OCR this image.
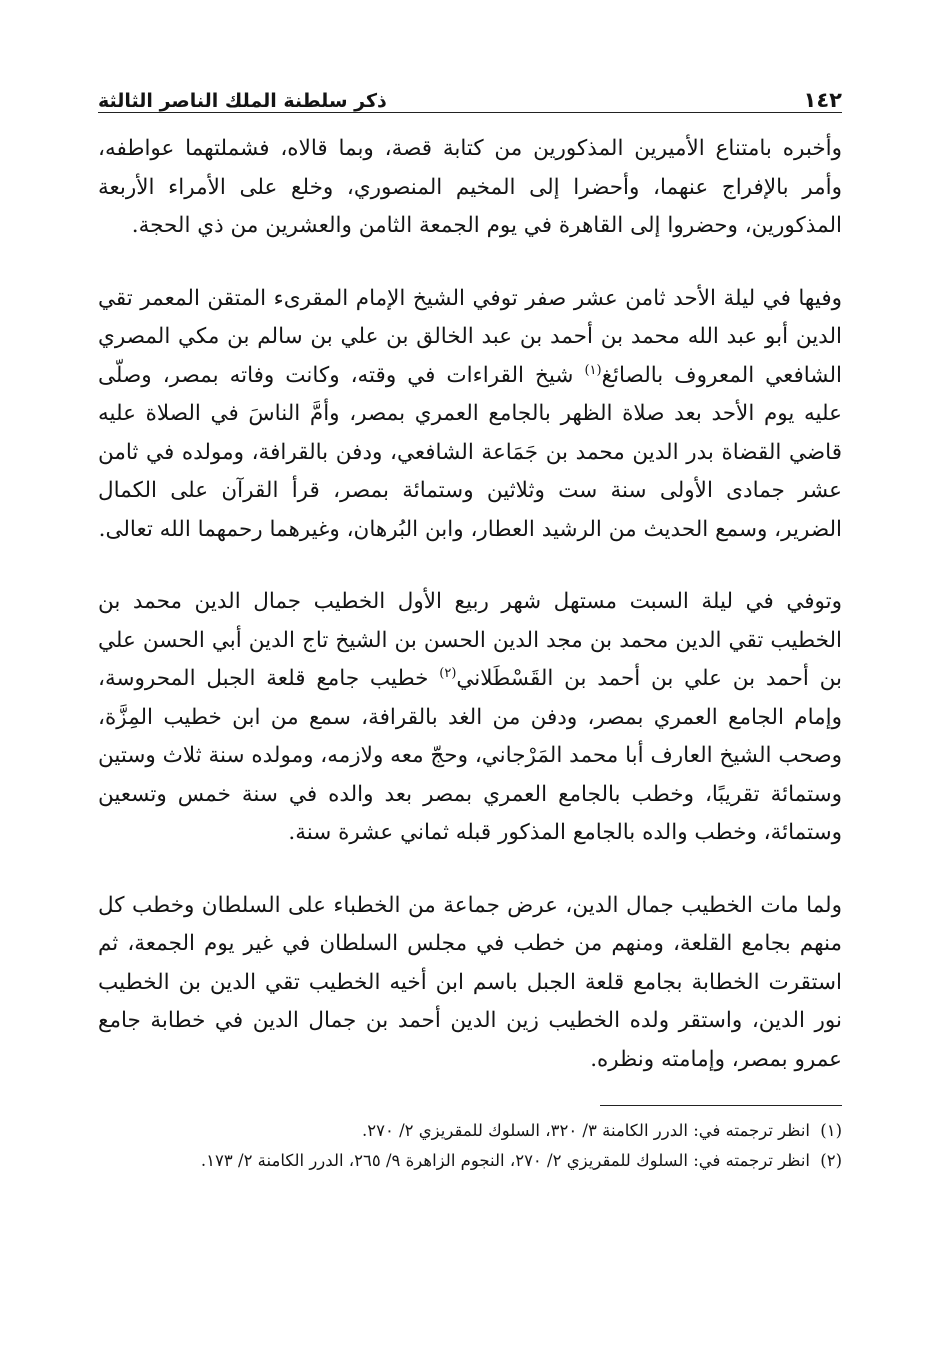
١٤٢
ذكر سلطنة الملك الناصر الثالثة

وأخبره بامتناع الأميرين المذكورين من كتابة قصة، وبما قالاه، فشملتهما عواطفه، وأمر بالإفراج عنهما، وأحضرا إلى المخيم المنصوري، وخلع على الأمراء الأربعة المذكورين، وحضروا إلى القاهرة في يوم الجمعة الثامن والعشرين من ذي الحجة.

وفيها في ليلة الأحد ثامن عشر صفر توفي الشيخ الإمام المقرىء المتقن المعمر تقي الدين أبو عبد الله محمد بن أحمد بن عبد الخالق بن علي بن سالم بن مكي المصري الشافعي المعروف بالصائغ$^{(١)}$ شيخ القراءات في وقته، وكانت وفاته بمصر، وصلّى عليه يوم الأحد بعد صلاة الظهر بالجامع العمري بمصر، وأمَّ الناسَ في الصلاة عليه قاضي القضاة بدر الدين محمد بن جَمَاعة الشافعي، ودفن بالقرافة، ومولده في ثامن عشر جمادى الأولى سنة ست وثلاثين وستمائة بمصر، قرأ القرآن على الكمال الضرير، وسمع الحديث من الرشيد العطار، وابن البُرهان، وغيرهما رحمهما الله تعالى.

وتوفي في ليلة السبت مستهل شهر ربيع الأول الخطيب جمال الدين محمد بن الخطيب تقي الدين محمد بن مجد الدين الحسن بن الشيخ تاج الدين أبي الحسن علي بن أحمد بن علي بن أحمد بن القَسْطَلاني$^{(٢)}$ خطيب جامع قلعة الجبل المحروسة، وإمام الجامع العمري بمصر، ودفن من الغد بالقرافة، سمع من ابن خطيب المِزَّة، وصحب الشيخ العارف أبا محمد المَرْجاني، وحجّ معه ولازمه، ومولده سنة ثلاث وستين وستمائة تقريبًا، وخطب بالجامع العمري بمصر بعد والده في سنة خمس وتسعين وستمائة، وخطب والده بالجامع المذكور قبله ثماني عشرة سنة.

ولما مات الخطيب جمال الدين، عرض جماعة من الخطباء على السلطان وخطب كل منهم بجامع القلعة، ومنهم من خطب في مجلس السلطان في غير يوم الجمعة، ثم استقرت الخطابة بجامع قلعة الجبل باسم ابن أخيه الخطيب تقي الدين بن الخطيب نور الدين، واستقر ولده الخطيب زين الدين أحمد بن جمال الدين في خطابة جامع عمرو بمصر، وإمامته ونظره.

(١)
انظر ترجمته في: الدرر الكامنة ٣/ ٣٢٠، السلوك للمقريزي ٢/ ٢٧٠.
(٢)
انظر ترجمته في: السلوك للمقريزي ٢/ ٢٧٠، النجوم الزاهرة ٩/ ٢٦٥، الدرر الكامنة ٢/ ١٧٣.
